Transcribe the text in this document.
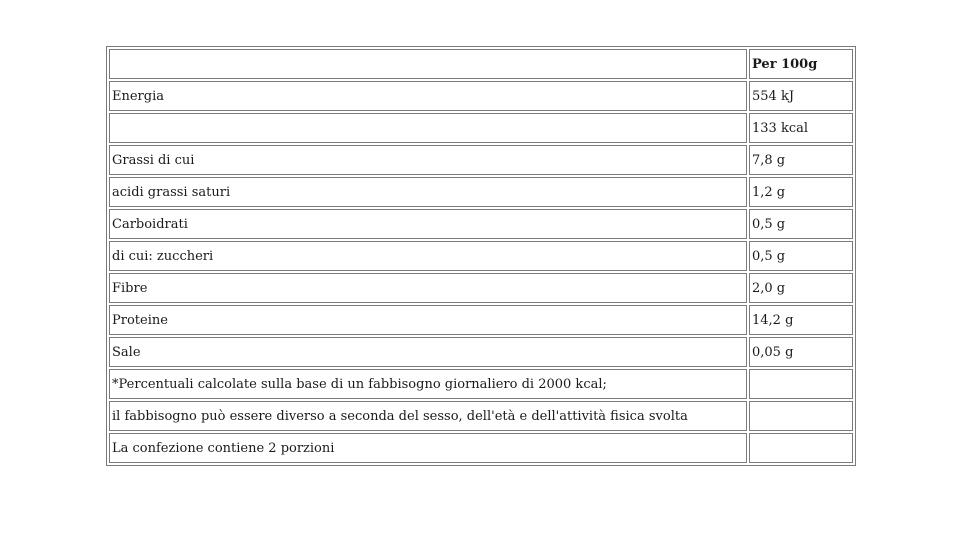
	Per 100g
Energia	554 kJ
	133 kcal
Grassi di cui	7,8 g
acidi grassi saturi	1,2 g
Carboidrati	0,5 g
di cui: zuccheri	0,5 g
Fibre	2,0 g
Proteine	14,2 g
Sale	0,05 g
*Percentuali calcolate sulla base di un fabbisogno giornaliero di 2000 kcal;	
il fabbisogno può essere diverso a seconda del sesso, dell'età e dell'attività fisica svolta	
La confezione contiene 2 porzioni	
